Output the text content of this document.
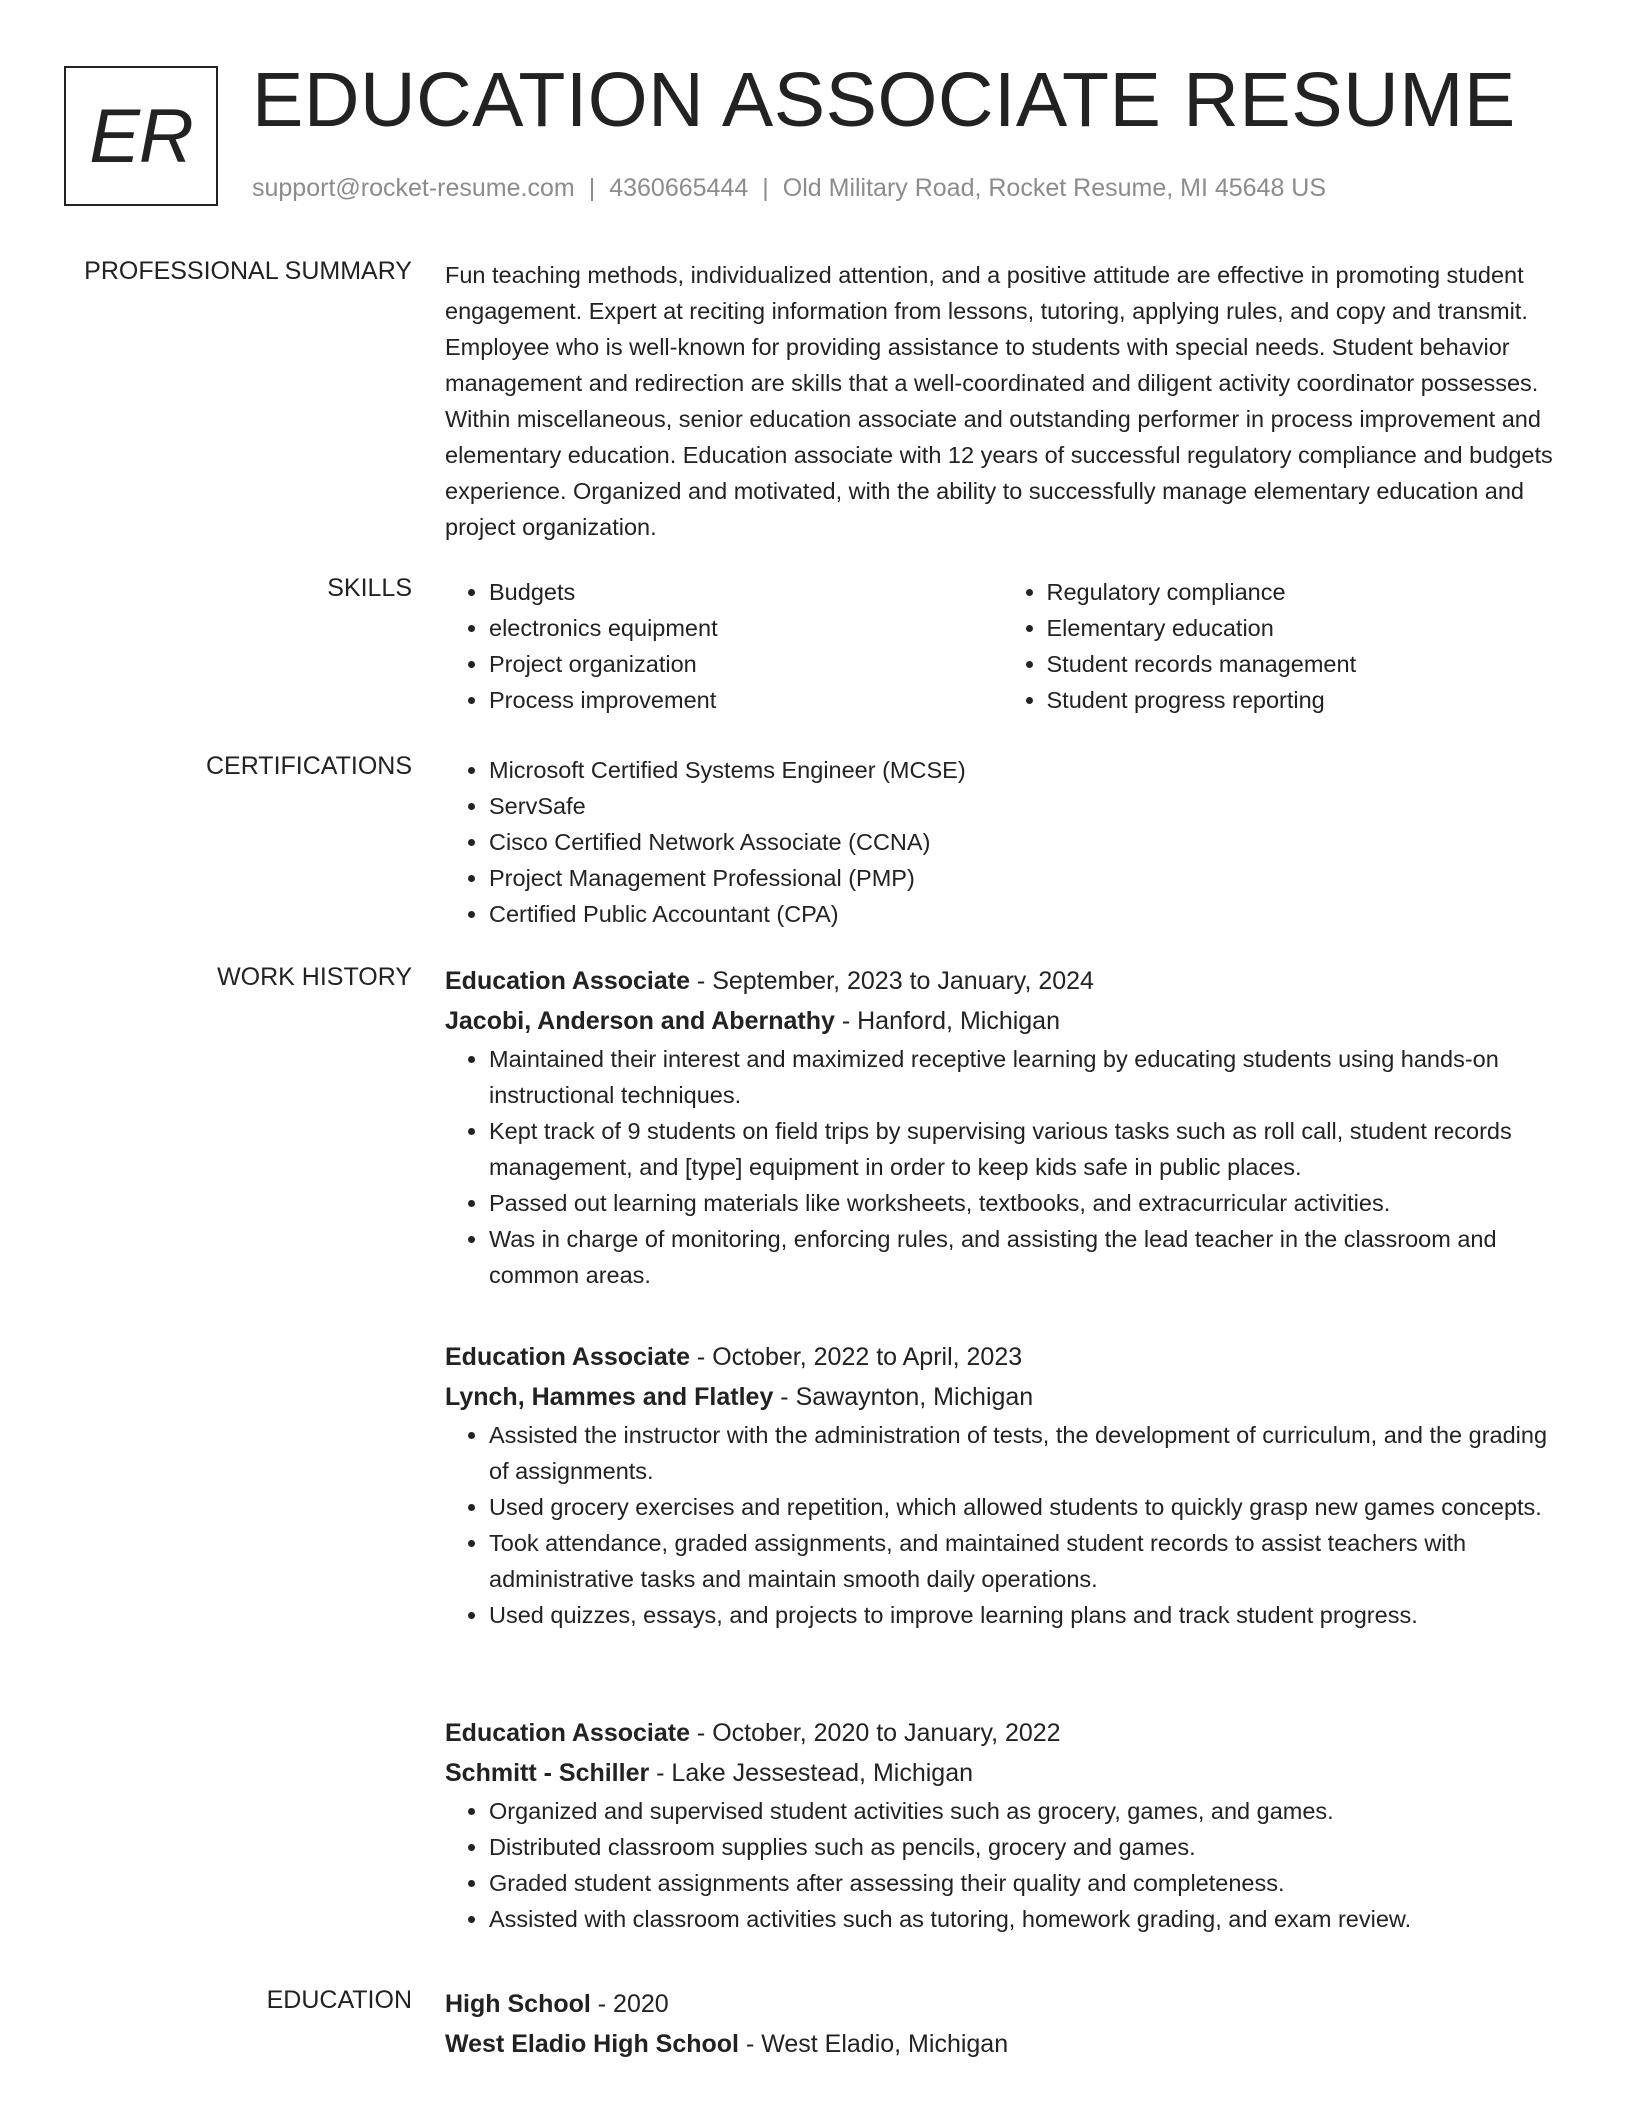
ER EDUCATION ASSOCIATE RESUME
support@rocket-resume.com | 4360665444 | Old Military Road, Rocket Resume, MI 45648 US
PROFESSIONAL SUMMARY Fun teaching methods, individualized attention, and a positive attitude are effective in promoting student engagement. Expert at reciting information from lessons, tutoring, applying rules, and copy and transmit. Employee who is well-known for providing assistance to students with special needs. Student behavior management and redirection are skills that a well-coordinated and diligent activity coordinator possesses. Within miscellaneous, senior education associate and outstanding performer in process improvement and elementary education. Education associate with 12 years of successful regulatory compliance and budgets experience. Organized and motivated, with the ability to successfully manage elementary education and project organization.

SKILLS	• Budgets
• electronics equipment
• Project organization
• Process improvement
• Regulatory compliance
• Elementary education
• Student records management
• Student progress reporting
CERTIFICATIONS	• Microsoft Certified Systems Engineer (MCSE)
• ServSafe
• Cisco Certified Network Associate (CCNA)
• Project Management Professional (PMP)
• Certified Public Accountant (CPA)
WORK HISTORY Education Associate - September, 2023 to January, 2024
Jacobi, Anderson and Abernathy - Hanford, Michigan
• Maintained their interest and maximized receptive learning by educating students using hands-on instructional techniques.
• Kept track of 9 students on field trips by supervising various tasks such as roll call, student records management, and [type] equipment in order to keep kids safe in public places.
• Passed out learning materials like worksheets, textbooks, and extracurricular activities.
• Was in charge of monitoring, enforcing rules, and assisting the lead teacher in the classroom and common areas.
Education Associate - October, 2022 to April, 2023
Lynch, Hammes and Flatley - Sawaynton, Michigan
• Assisted the instructor with the administration of tests, the development of curriculum, and the grading of assignments.
• Used grocery exercises and repetition, which allowed students to quickly grasp new games concepts.
• Took attendance, graded assignments, and maintained student records to assist teachers with administrative tasks and maintain smooth daily operations.
• Used quizzes, essays, and projects to improve learning plans and track student progress.
Education Associate - October, 2020 to January, 2022
Schmitt - Schiller - Lake Jessestead, Michigan
• Organized and supervised student activities such as grocery, games, and games.
• Distributed classroom supplies such as pencils, grocery and games.
• Graded student assignments after assessing their quality and completeness.
• Assisted with classroom activities such as tutoring, homework grading, and exam review.
EDUCATION High School - 2020
West Eladio High School - West Eladio, Michigan
